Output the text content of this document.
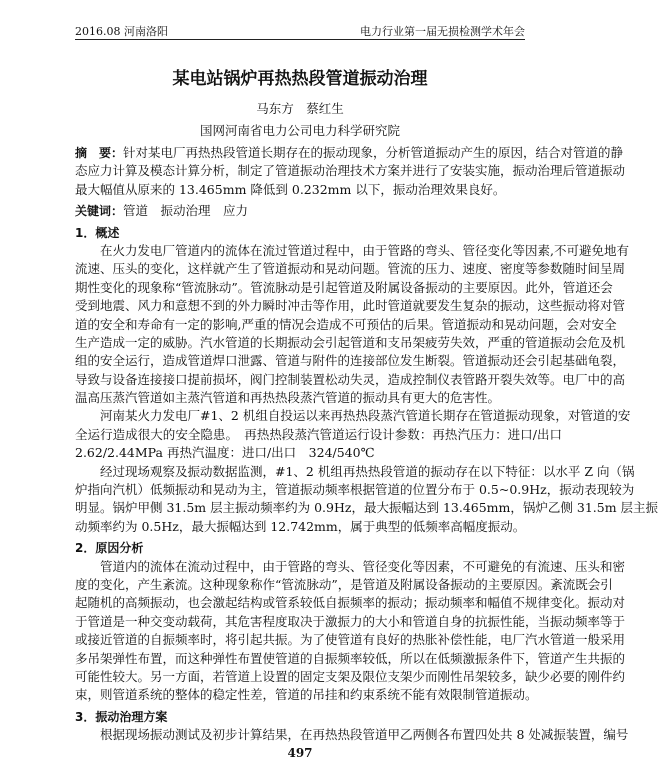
2016.08 河南洛阳	电力行业第一届无损检测学术年会
某电站锅炉再热热段管道振动治理
马东方　蔡红生
国网河南省电力公司电力科学研究院
摘　要：针对某电厂再热热段管道长期存在的振动现象，分析管道振动产生的原因，结合对管道的静
态应力计算及模态计算分析，制定了管道振动治理技术方案并进行了安装实施，振动治理后管道振动
最大幅值从原来的 13.465mm 降低到 0.232mm 以下，振动治理效果良好。
关键词：管道　振动治理　应力
1．概述
在火力发电厂管道内的流体在流过管道过程中，由于管路的弯头、管径变化等因素,不可避免地有
流速、压头的变化，这样就产生了管道振动和晃动问题。管流的压力、速度、密度等参数随时间呈周
期性变化的现象称“管流脉动”。管流脉动是引起管道及附属设备振动的主要原因。此外，管道还会
受到地震、风力和意想不到的外力瞬时冲击等作用，此时管道就要发生复杂的振动，这些振动将对管
道的安全和寿命有一定的影响,严重的情况会造成不可预估的后果。管道振动和晃动问题，会对安全
生产造成一定的威胁。汽水管道的长期振动会引起管道和支吊架疲劳失效，严重的管道振动会危及机
组的安全运行，造成管道焊口泄露、管道与附件的连接部位发生断裂。管道振动还会引起基础龟裂，
导致与设备连接接口提前损坏，阀门控制装置松动失灵，造成控制仪表管路开裂失效等。电厂中的高
温高压蒸汽管道如主蒸汽管道和再热热段蒸汽管道的振动具有更大的危害性。
河南某火力发电厂#1、2 机组自投运以来再热热段蒸汽管道长期存在管道振动现象，对管道的安
全运行造成很大的安全隐患。　再热热段蒸汽管道运行设计参数：再热汽压力：进口/出口
2.62/2.44MPa 再热汽温度：进口/出口　324/540℃
经过现场观察及振动数据监测，#1、2 机组再热热段管道的振动存在以下特征：以水平 Z 向（锅
炉指向汽机）低频振动和晃动为主，管道振动频率根据管道的位置分布于 0.5~0.9Hz，振动表现较为
明显。锅炉甲侧 31.5m 层主振动频率约为 0.9Hz，最大振幅达到 13.465mm，锅炉乙侧 31.5m 层主振
动频率约为 0.5Hz，最大振幅达到 12.742mm，属于典型的低频率高幅度振动。
2．原因分析
管道内的流体在流动过程中，由于管路的弯头、管径变化等因素，不可避免的有流速、压头和密
度的变化，产生紊流。这种现象称作“管流脉动”，是管道及附属设备振动的主要原因。紊流既会引
起随机的高频振动，也会激起结构或管系较低自振频率的振动；振动频率和幅值不规律变化。振动对
于管道是一种交变动载荷，其危害程度取决于激振力的大小和管道自身的抗振性能，当振动频率等于
或接近管道的自振频率时，将引起共振。为了使管道有良好的热胀补偿性能，电厂汽水管道一般采用
多吊架弹性布置，而这种弹性布置使管道的自振频率较低，所以在低频激振条件下，管道产生共振的
可能性较大。另一方面，若管道上设置的固定支架及限位支架少而刚性吊架较多，缺少必要的刚件约
束，则管道系统的整体的稳定性差，管道的吊挂和约束系统不能有效限制管道振动。
3．振动治理方案
根据现场振动测试及初步计算结果，在再热热段管道甲乙两侧各布置四处共 8 处减振装置，编号
497
